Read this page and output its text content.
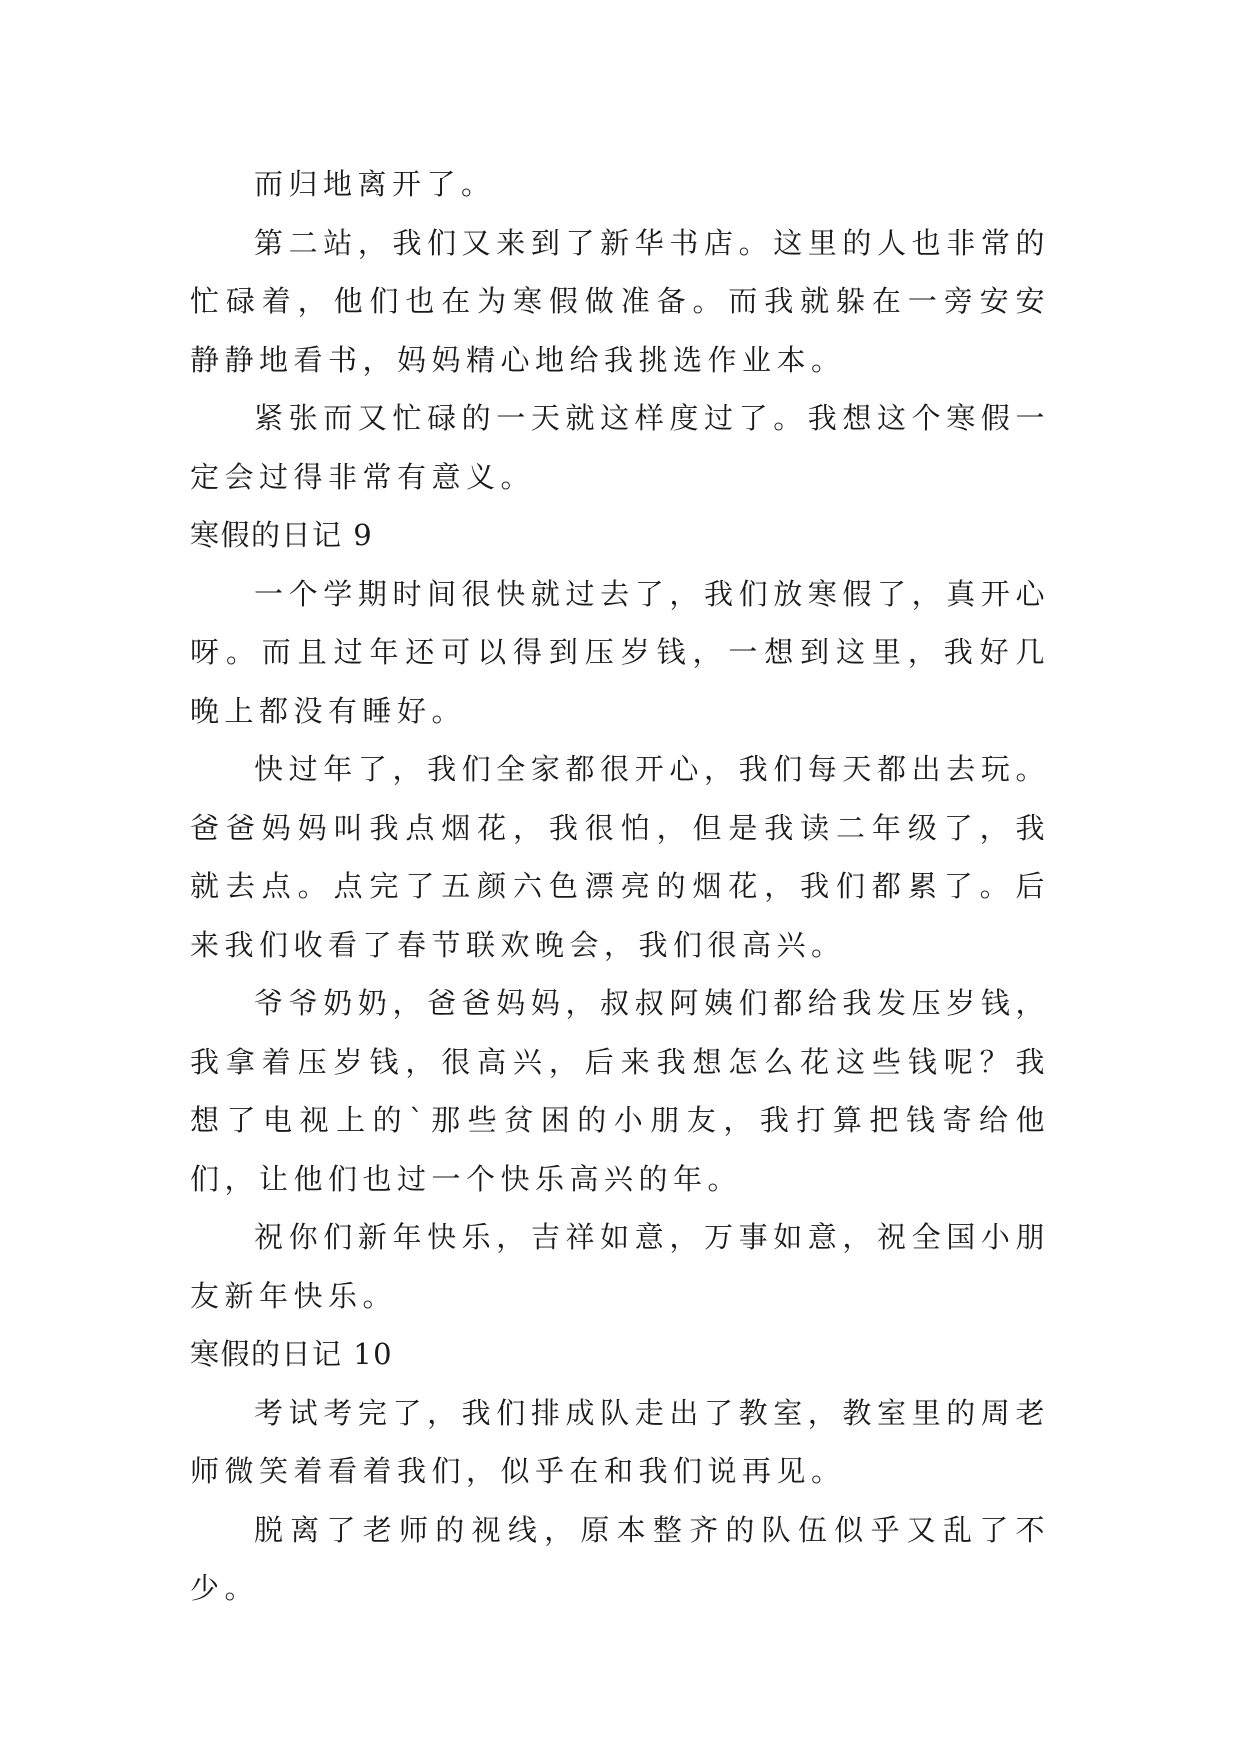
而归地离开了。

第二站，我们又来到了新华书店。这里的人也非常的忙碌着，他们也在为寒假做准备。而我就躲在一旁安安静静地看书，妈妈精心地给我挑选作业本。

紧张而又忙碌的一天就这样度过了。我想这个寒假一定会过得非常有意义。

寒假的日记 9

一个学期时间很快就过去了，我们放寒假了，真开心呀。而且过年还可以得到压岁钱，一想到这里，我好几晚上都没有睡好。

快过年了，我们全家都很开心，我们每天都出去玩。爸爸妈妈叫我点烟花，我很怕，但是我读二年级了，我就去点。点完了五颜六色漂亮的烟花，我们都累了。后来我们收看了春节联欢晚会，我们很高兴。

爷爷奶奶，爸爸妈妈，叔叔阿姨们都给我发压岁钱，我拿着压岁钱，很高兴，后来我想怎么花这些钱呢？我想了电视上的`那些贫困的小朋友，我打算把钱寄给他们，让他们也过一个快乐高兴的年。

祝你们新年快乐，吉祥如意，万事如意，祝全国小朋友新年快乐。

寒假的日记 10

考试考完了，我们排成队走出了教室，教室里的周老师微笑着看着我们，似乎在和我们说再见。

脱离了老师的视线，原本整齐的队伍似乎又乱了不少。
